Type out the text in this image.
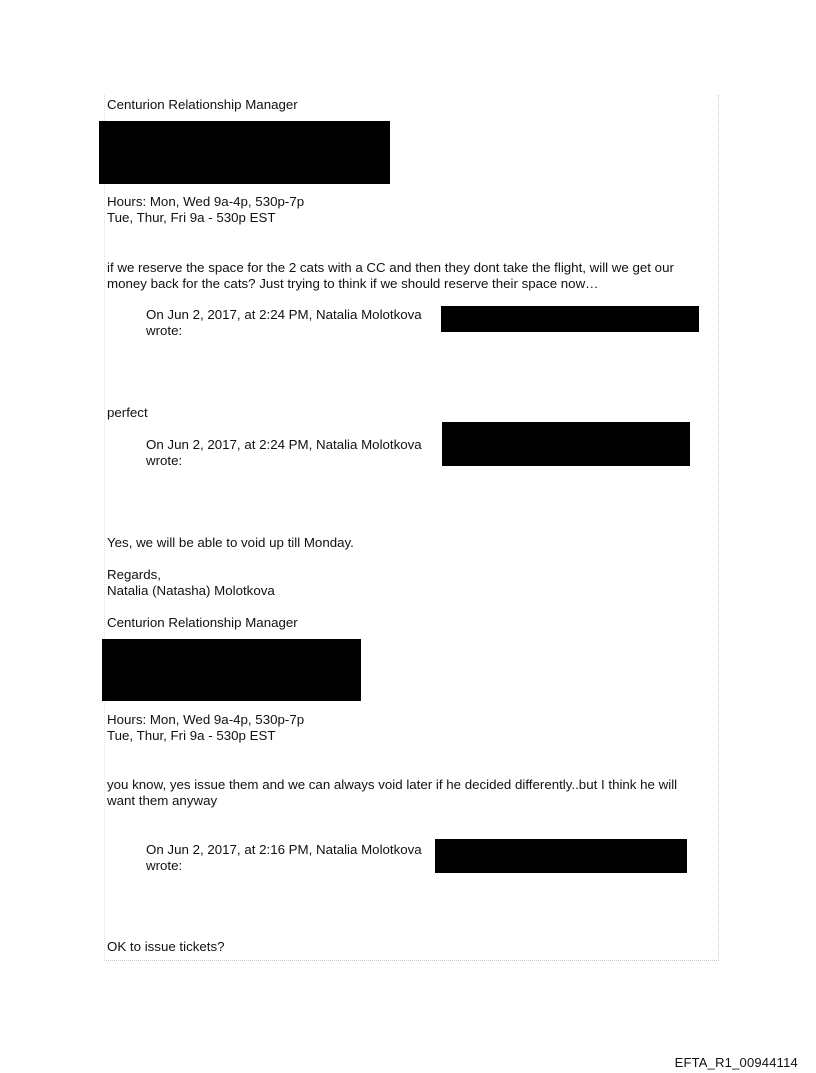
Centurion Relationship Manager
Hours: Mon, Wed 9a-4p, 530p-7p
Tue, Thur, Fri 9a - 530p EST
if we reserve the space for the 2 cats with a CC and then they dont take the flight, will we get our
money back for the cats? Just trying to think if we should reserve their space now…
On Jun 2, 2017, at 2:24 PM, Natalia Molotkova
wrote:
perfect
On Jun 2, 2017, at 2:24 PM, Natalia Molotkova
wrote:
Yes, we will be able to void up till Monday.
Regards,
Natalia (Natasha) Molotkova
Centurion Relationship Manager
Hours: Mon, Wed 9a-4p, 530p-7p
Tue, Thur, Fri 9a - 530p EST
you know, yes issue them and we can always void later if he decided differently..but I think he will
want them anyway
On Jun 2, 2017, at 2:16 PM, Natalia Molotkova
wrote:
OK to issue tickets?
EFTA_R1_00944114
